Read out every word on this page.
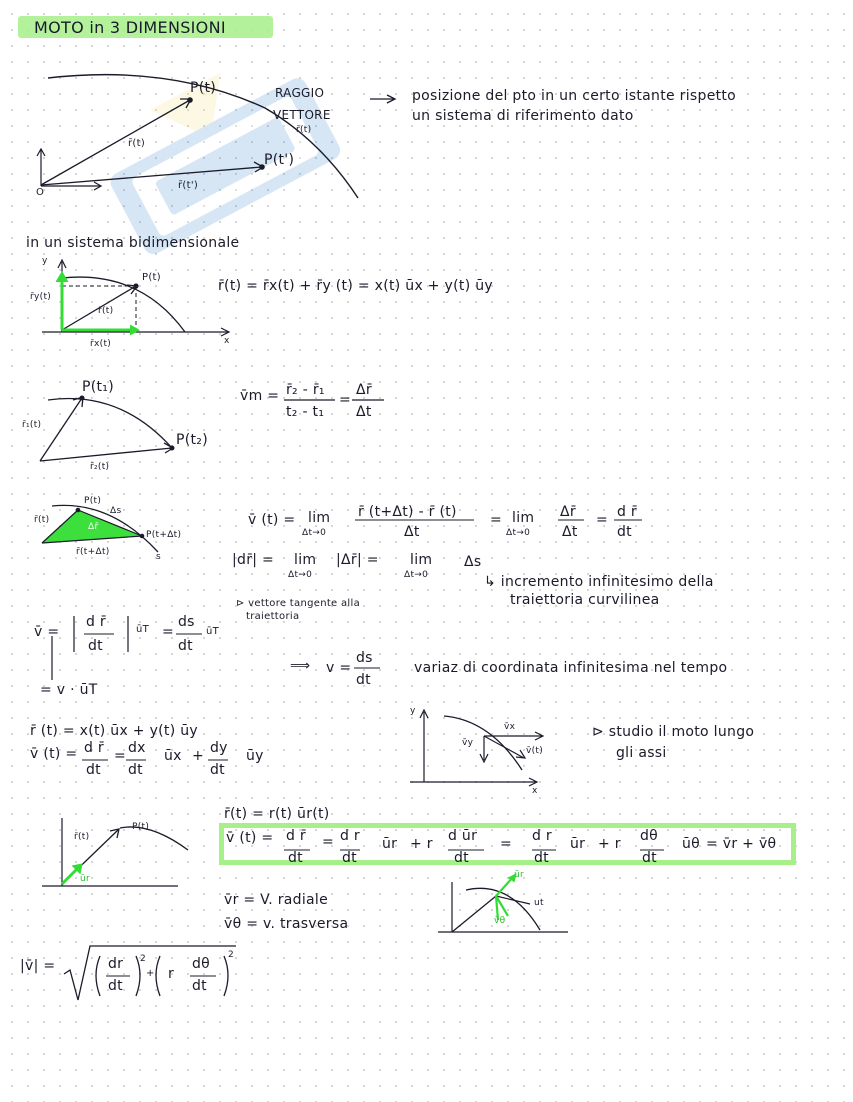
MOTO in 3 DIMENSIONI
P(t)
P(t')
r̄(t)
r̄(t')
O
RAGGIO
VETTORE
r̄(t)
posizione del pto in un certo istante rispetto
un sistema di riferimento dato
in un sistema bidimensionale
y
x
P(t)
r̄y(t)
r̄(t)
r̄x(t)
r̄(t) = r̄x(t) + r̄y (t) = x(t) ūx + y(t) ūy
P(t₁)
P(t₂)
r̄₁(t)
r̄₂(t)
v̄m = r̄₂ - r̄₁
t₂ - t₁
=
Δr̄
Δt
P(t)
P(t+Δt)
r̄(t)
r̄(t+Δt)
Δr̄
Δs
s
v̄ (t) = lim
Δt→0
r̄ (t+Δt) - r̄ (t)
Δt
= lim
Δt→0
Δr̄
Δt
= d r̄
dt
|dr̄| = lim
Δt→0
|Δr̄| = lim
Δt→0
Δs
↳ incremento infinitesimo della
traiettoria curvilinea
v̄ =
d r̄
dt
ūT =
ds
dt
ūT
⊳ vettore tangente alla
traiettoria
= v · ūT
⟹ v =
ds
dt
variaz di coordinata infinitesima nel tempo
r̄ (t) = x(t) ūx + y(t) ūy
v̄ (t) = d r̄
dt
= dx
dt
ūx + dy
dt
ūy
y
x
v̄x
v̄y
v̄(t)
⊳ studio il moto lungo
gli assi
P(t)
r̄(t)
ūr
r̄(t) = r(t) ūr(t)
v̄ (t) = d r̄
dt
= d r
dt
ūr + r d ūr
dt
= d r
dt
ūr + r dθ
dt
ūθ = v̄r + v̄θ
v̄r = V. radiale
v̄θ = v. trasversa
ūr
ut
v̄θ
|v̄| =	dr
dt
2
+ r
dθ
dt
2
